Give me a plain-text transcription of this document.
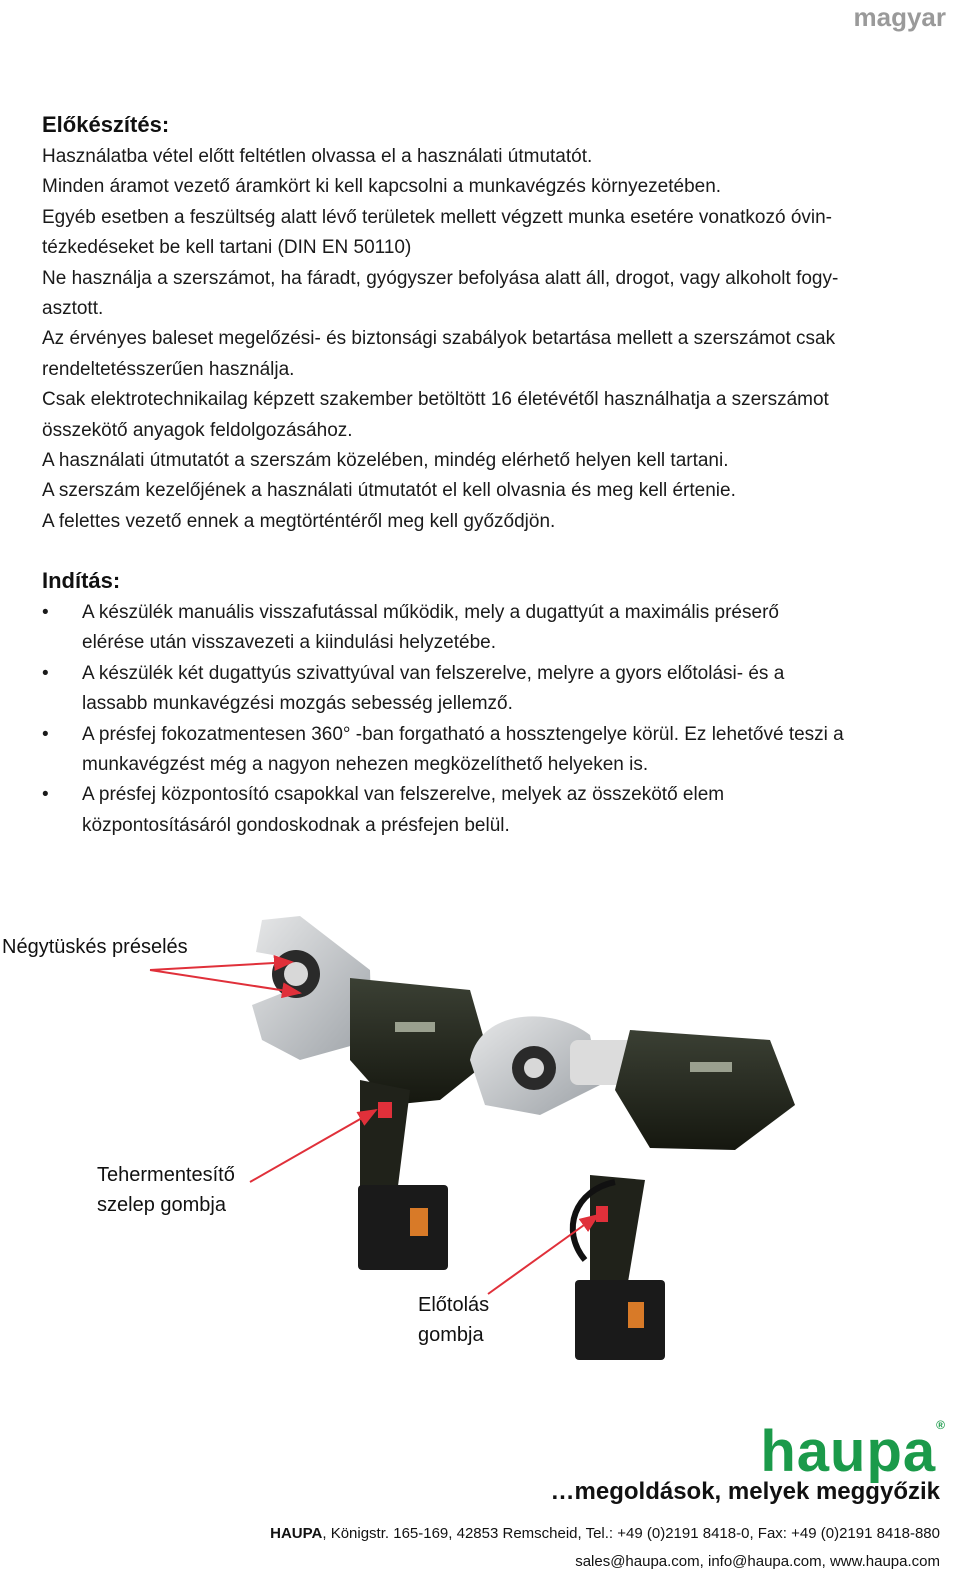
magyar
Előkészítés:

Használatba vétel előtt feltétlen olvassa el a használati útmutatót.

Minden áramot vezető áramkört ki kell kapcsolni a munkavégzés környezetében.

Egyéb esetben a feszültség alatt lévő területek mellett végzett munka esetére vonatkozó óvin-

tézkedéseket be kell tartani (DIN EN 50110)

Ne használja a szerszámot, ha fáradt, gyógyszer befolyása alatt áll, drogot, vagy alkoholt fogy-

asztott.

Az érvényes baleset megelőzési- és biztonsági szabályok betartása mellett a szerszámot csak

rendeltetésszerűen használja.

Csak elektrotechnikailag képzett szakember betöltött 16 életévétől használhatja a szerszámot

összekötő anyagok feldolgozásához.

A használati útmutatót a szerszám közelében, mindég elérhető helyen kell tartani.

A szerszám kezelőjének a használati útmutatót el kell olvasnia és meg kell értenie.

A felettes vezető ennek a megtörténtéről meg kell győződjön.

Indítás:
• A készülék manuális visszafutással működik, mely a dugattyút a maximális préserő
elérése után visszavezeti a kiindulási helyzetébe.
• A készülék két dugattyús szivattyúval van felszerelve, melyre a gyors előtolási- és a
lassabb munkavégzési mozgás sebesség jellemző.
• A présfej fokozatmentesen 360° -ban forgatható a hossztengelye körül. Ez lehetővé teszi a
munkavégzést még a nagyon nehezen megközelíthető helyeken is.
• A présfej központosító csapokkal van felszerelve, melyek az összekötő elem
központosításáról gondoskodnak a présfejen belül.
Négytüskés préselés
Tehermentesítő
szelep gombja
Előtolás
gombja
haupa®
…megoldások, melyek meggyőzik
HAUPA, Königstr. 165-169, 42853 Remscheid, Tel.: +49 (0)2191 8418-0, Fax: +49 (0)2191 8418-880
sales@haupa.com, info@haupa.com, www.haupa.com
